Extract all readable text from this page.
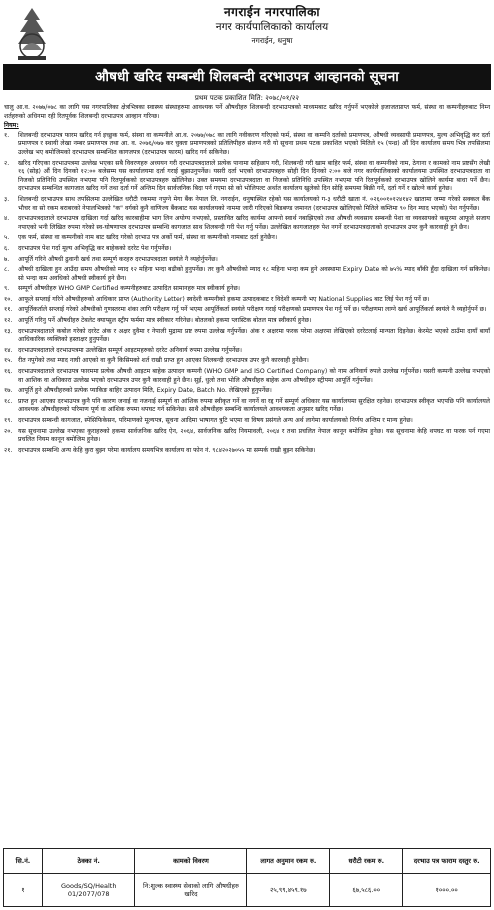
नगराईन नगरपालिका
नगर कार्यपालिकाको कार्यालय
नगराईन, धनुषा
औषधी खरिद सम्बन्धी शिलबन्दी दरभाउपत्र आव्हानको सूचना
प्रथम पटक प्रकाशित मिति: २०७८/०१/२२

चालु आ.व. २०७७/०७८ का लागि यस नगरपालिका क्षेत्रभित्रका स्वास्थ्य संस्थाहरुमा आवश्यक पर्ने औषधीहरु शिलबन्दी दरभाउपत्रको माध्यमबाट खरिद गर्नुपर्ने भएकोले इजाजतप्राप्त फर्म, संस्था वा कम्पनीहरुबाट निम्न शर्तहरुको अधिनमा रही रितपूर्वक शिलबन्दी दरभाउपत्र आव्हान गरिन्छ।

नियम:
१.	शिलबन्दी दरभाउपत्र फारम खरिद गर्न इच्छुक फर्म, संस्था वा कम्पनीले आ.व. २०७७/०७८ का लागि नवीकरण गरिएको फर्म, संस्था वा कम्पनि दर्ताको प्रमाणपत्र, औषधी व्यवसायी प्रमाणपत्र, मुल्य अभिवृद्धि कर दर्ता प्रमाणपत्र र स्थायी लेखा नम्बर प्रमाणपत्र तथा आ. व. २०७६/०७७ कर चुक्ता प्रमाणपत्रको प्रतिलिपीहरु संलग्न गरी यो सूचना प्रथम पटक प्रकाशित भएको मितिले १५ (पन्ध्र) औं दिन कार्यालय समय भित्र तपसिलमा उल्लेख भए बमोजिमको दरभाउपत्र सम्बन्धित कागजपत्र (दरभाउपत्र फारम) खरिद गर्न सकिनेछ।
२.	खरिद गरिएका दरभाउपत्रमा उल्लेख भएका सबै विवरणहरु अध्ययन गरी दरभाउपत्रदाताले प्रत्येक पानामा सहिछाप गरी, शिलबन्दी गरी खाम बाहिर फर्म, संस्था वा कम्पनीको नाम, ठेगाना र कामको नाम प्रष्टसँग लेखी १६ (सोह्र) औं दिन दिनको १२:०० बजेसम्म यस कार्यालयमा दर्ता गराई बुझाउनुपर्नेछ। यसरी दर्ता भएको दरभाउपत्रहरु सोही दिन दिनको २:०० बजे नगर कार्यपालिकाको कार्यालयमा उपस्थित दरभाउपत्रदाता वा निजको प्रतिनिधि उपस्थित नभएमा पनि रितपूर्वकको दरभाउपत्रहरु खोलिनेछ। उक्त समयमा दरभाउपत्रदाता वा निजको प्रतिनिधि उपस्थित नभएमा पनि रितपूर्वकको दरभाउपत्र खोलिने कार्यमा बाधा पर्ने छैन। दरभाउपत्र सम्बन्धित कागजात खरिद गर्ने तथा दर्ता गर्ने अन्तिम दिन सार्वजनिक बिदा पर्न गएमा सो को भोलिपल्ट अर्थात कार्यालय खुलेको दिन सोहि समयमा बिक्री गर्ने, दर्ता गर्ने र खोल्ने कार्य हुनेछ।
३.	शिलबन्दी दरभाउपत्र साथ तपसिलमा उल्लेखित धरौटी रकममा नपुग्ने मेगा बैंक नेपाल लि. नगराईन, धनुषास्थित रहेको यस कार्यालयको ग-३ धरौटी खाता नं. ०२६००१०१२४१४२ खातामा जम्मा गरेको सक्कल बैंक भौचर वा सो रकम बराबरको नेपालभित्रको "क" वर्गको कुनै वाणिज्य बैंकबाट यस कार्यालयको नाममा जारी गरिएको बिडबण्ड जमानत (दरभाउपत्र खोलिएको मितिले कम्तिमा ९० दिन म्याद भएको) पेश गर्नुपर्नेछ।
४.	दरभाउपत्रदाताले दरभाउपत्र दाखिला गर्दा खरिद कारबाहीमा भाग लिन अयोग्य नभएको, प्रस्तावित खरिद कार्यमा आफ्नो स्वार्थ नबाझिएको तथा औषधी व्यवसाय सम्बन्धी पेशा वा व्यवसायको कसुरमा आफूले सजाय नपाएको भनी लिखित रुपमा गरेको स्व-घोषणापत्र दरभाउपत्र सम्बन्धि कागजात साथ शिलबन्दी गरी पेश गर्नु पर्नेछ। उल्लेखित कागजातहरु पेश नगर्ने दरभाउपत्रदाताको दरभाउपत्र उपर कुनै कारवाही हुने छैन।
५.	एक फर्म, संस्था वा कम्पनीको नाम बाट खरिद गरेको दरभाउ पत्र अर्को फर्म, संस्था वा कम्पनीको नामबाट दर्ता हुनेछैन।
६.	दरभाउपत्र पेश गर्दा मूल्य अभिवृद्धि कर बाहेकको दररेट पेश गर्नुपर्नेछ।
७.	आपूर्ति गरिने औषधी ढुवानी खर्च तथा सम्पूर्ण करहरु दरभाउपत्रदाता स्वयंले नै व्यहोर्नुपर्नेछ।
८.	औषधी दाखिला हुन आउँदा समय औषधीको म्याद १२ महिना भन्दा बढीको हुनुपर्नेछ। तर कुनै औषधीको म्याद १८ महिना भन्दा कम हुने अवस्थामा Expiry Date को ७५% म्याद बाँकी हुँदा दाखिला गर्न सकिनेछ। सो भन्दा कम अवधिको औषधी स्वीकार्य हुने छैन।
९.	सम्पूर्ण औषधीहरु WHO GMP Certified कम्पनीहरुबाट उत्पादित सामानहरु मात्र स्वीकार्य हुनेछ।
१०. आफूले सप्लाई गरिने औषधीहरुको आधिकार प्राप्त (Authority Letter) स्वदेशी कम्पनीको हकमा उत्पादकबाट र विदेशी कम्पनी भए National Supplies बाट लिई पेश गर्नु पर्ने छ।
११. आपूर्तिकर्ताले सप्लाई गरेको औषधीको गुणस्तरमा शंका लागि परीक्षण गर्नु पर्ने भएमा आपूर्तिकर्ता स्वयंले परीक्षण गराई परीक्षणको प्रमाणपत्र पेश गर्नु पर्ने छ। परीक्षणमा लाग्ने खर्च आपूर्तिकर्ता स्वयंले नै व्यहोर्नुपर्ने छ।
१२. आपूर्ति गरिनु पर्ने औषधीहरु टेबलेट क्याप्सुल स्ट्रीप फर्ममा मात्र स्वीकार गरिनेछ। बोतलको हकमा प्लास्टिक बोतल मात्र स्वीकार्य हुनेछ।
१३. दरभाउपत्रदाताले कबोल गरेको दररेट अंक र अक्षर दुवैमा र नेपाली मुद्रामा प्रष्ट रुपमा उल्लेख गर्नुपर्नेछ। अंक र अक्षरमा फरक परेमा अक्षरमा लेखिएको दररेटलाई मान्यता दिइनेछ। केरमेट भएको ठाउँमा दायाँ बायाँ आधिकारिक व्यक्तिको हस्ताक्षर हुनुपर्नेछ।
१४. दरभाउपत्रदाताले दरभाउपत्रमा उल्लेखित सम्पूर्ण आइटमहरुको दररेट अनिवार्य रुपमा उल्लेख गर्नुपर्नेछ।
१५. रीत नपुगेको तथा म्याद नाघी आएको वा कुनै किसिमको शर्त राखी प्राप्त हुन आएका शिलबन्दी दरभाउपत्र उपर कुनै कारवाही हुनेछैन।
१६. दरभाउपत्रदाताले दरभाउपत्र फारममा प्रत्येक औषधी आइटम बाहेक उत्पादन कम्पनी (WHO GMP and ISO Certified Company) को नाम अनिवार्य रुपले उल्लेख गर्नुपर्नेछ। यसरी कम्पनी उल्लेख नभएको वा आशिक वा अधिकारा उल्लेख भएको दरभाउपत्र उपर कुनै कारवाही हुने छैन। सुई, धुलो तथा भोलि औषधीहरु बाहेक अन्य औषधीहरु स्ट्रीपमा आपूर्ति गर्नुपर्नेछ।
१७. आपूर्ति हुने औषधीहरुको प्रत्येक प्याकिङ बाहिर उत्पादन मिति, Expiry Date, Batch No. लेखिएको हुनुपर्नेछ।
१८. प्राप्त हुन आएका दरभाउपत्र कुनै पनि कारण जनाई वा नजनाई सम्पूर्ण वा आंशिक रुपमा स्वीकृत गर्ने वा नगर्ने वा रद्द गर्ने सम्पूर्ण अधिकार यस कार्यालयमा सुरक्षित रहनेछ। दरभाउपत्र स्वीकृत भएपछि पनि कार्यालयले आवश्यक औषधीहरुको परिमाण पूर्ण वा आंशिक रुपमा थपघट गर्न सकिनेछ। साथै औषधीहरु सम्बन्धि कार्यालयले आवश्यकता अनुसार खरिद गर्नेछ।
१९. दरभाउपत्र सम्बन्धी कागजात, स्पेसिफिकेसन, परिमाणको मूल्यपत्र, सूचना आदिमा भाषागत त्रुटि भएमा वा विषय प्रसंगले अन्य अर्थ लागेमा कार्यालयको निर्णय अन्तिम र मान्य हुनेछ।
२०. यस सूचनामा उल्लेख नभएका कुराहरुको हकमा सार्वजनिक खरिद ऐन, २०६४, सार्वजनिक खरिद नियमावली, २०६४ र तथा प्रचलित नेपाल कानून बमोजिम हुनेछ। यस सूचनामा केहि थपघट वा फरक पर्न गएमा प्रचलित नियम कानून बमोजिम हुनेछ।
२१. दरभाउपत्र सम्बन्धि अन्य केहि कुरा बुझ्न परेमा कार्यालय समयभित्र कार्यालय वा फोन नं. ९८४२०२७०५५ मा सम्पर्क राखी बुझ्न सकिनेछ।
सि.नं.	ठेक्का नं.	कामको विवरण	लागत अनुमान रकम रु.	धरौटी रकम रु.	दरभाउ पत्र फाराम दस्तुर रु.
१	Goods/SQ/Health 01/2077/078	नि:शुल्क स्वास्थ्य सेवाको लागि औषधीहरु खरिद	२५,९९,४५९.१७	६७,५८६.००	१०००.००
